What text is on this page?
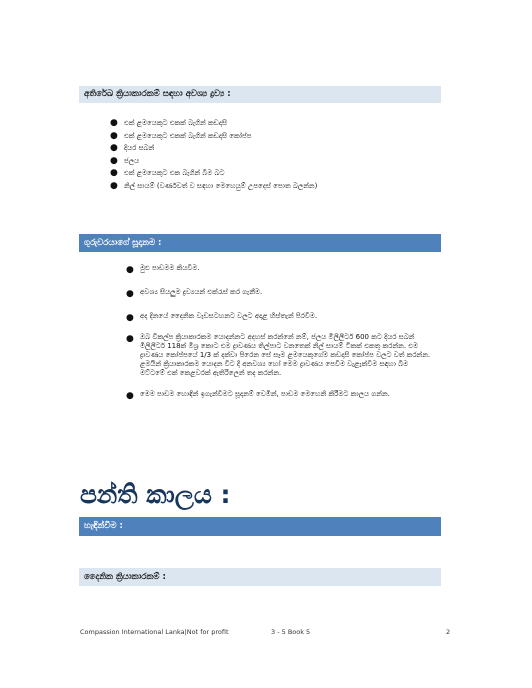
අතිරේඛ ක්‍රියාකාරකම් සඳහා අවශ්‍ය ද්‍රව්‍ය :
● එක් ළමයෙකුට එකක් බැගින් කඩදාසි
● එක් ළමයෙකුට එකක් බැගින් කඩදාසි කෝප්ප
● දියර සබන්
● ජලය
● එක් ළමයෙකුට එක බැගින් බීම බට
● නිල් සායම් (වර්ණවත් ව සඳහා මෙහෙයුම් උපදෙස් පොත බලන්න)
ගුරුවරයාගේ සූදානම :
● මුළු පාඩමම කියවීම.
● අවශ්‍ය සියලුම ද්‍රව්‍යයන් එක්රැස් කර ගැනීම.
● අද දිනයේ දෛනික වැඩසටහනට වලට අදාළ හිස්තැන් පිරවීම.
● ඔබ විකල්ප ක්‍රියාකාරකම යොදන්නට අදහස් කරන්නේ නම්, ජලය මිලිලීටර් 600 කට දියර සබන් මිලිලීටර් 118ක් මිශ්‍ර කොට එම ද්‍රාවණය තිල්පාට වනතෙක් නිල් සායම් ටිකක් එකතු කරන්න. එම ද්‍රාවණය කෝප්පයේ 1/3 ක් දක්වා පිරෙන සේ සෑම ළමයෙකුගේම කඩදාසි කෝප්ප වලට වත් කරන්න. ළමයින් ක්‍රියාකාරකම යොදන විට දී අනවශ්‍ය හෝ මෙම ද්‍රාවණය පෙවීම වැළැක්වීම සඳහා බිම මට්ටමේ එක් කෙළවරක් ඇතිරිලෙන් තද කරන්න.
● මෙම පාඩම හොඳින් ඉගැන්වීමට සූදානම් වෙමින්, පාඩම මෙහෙනි කිරීමට කාලය ගන්න.
පන්ති කාලය :
හැඳින්වීම :
දෛනික ක්‍රියාකාරකම් :
Compassion International Lanka|Not for profit	3 - 5 Book 5	2
